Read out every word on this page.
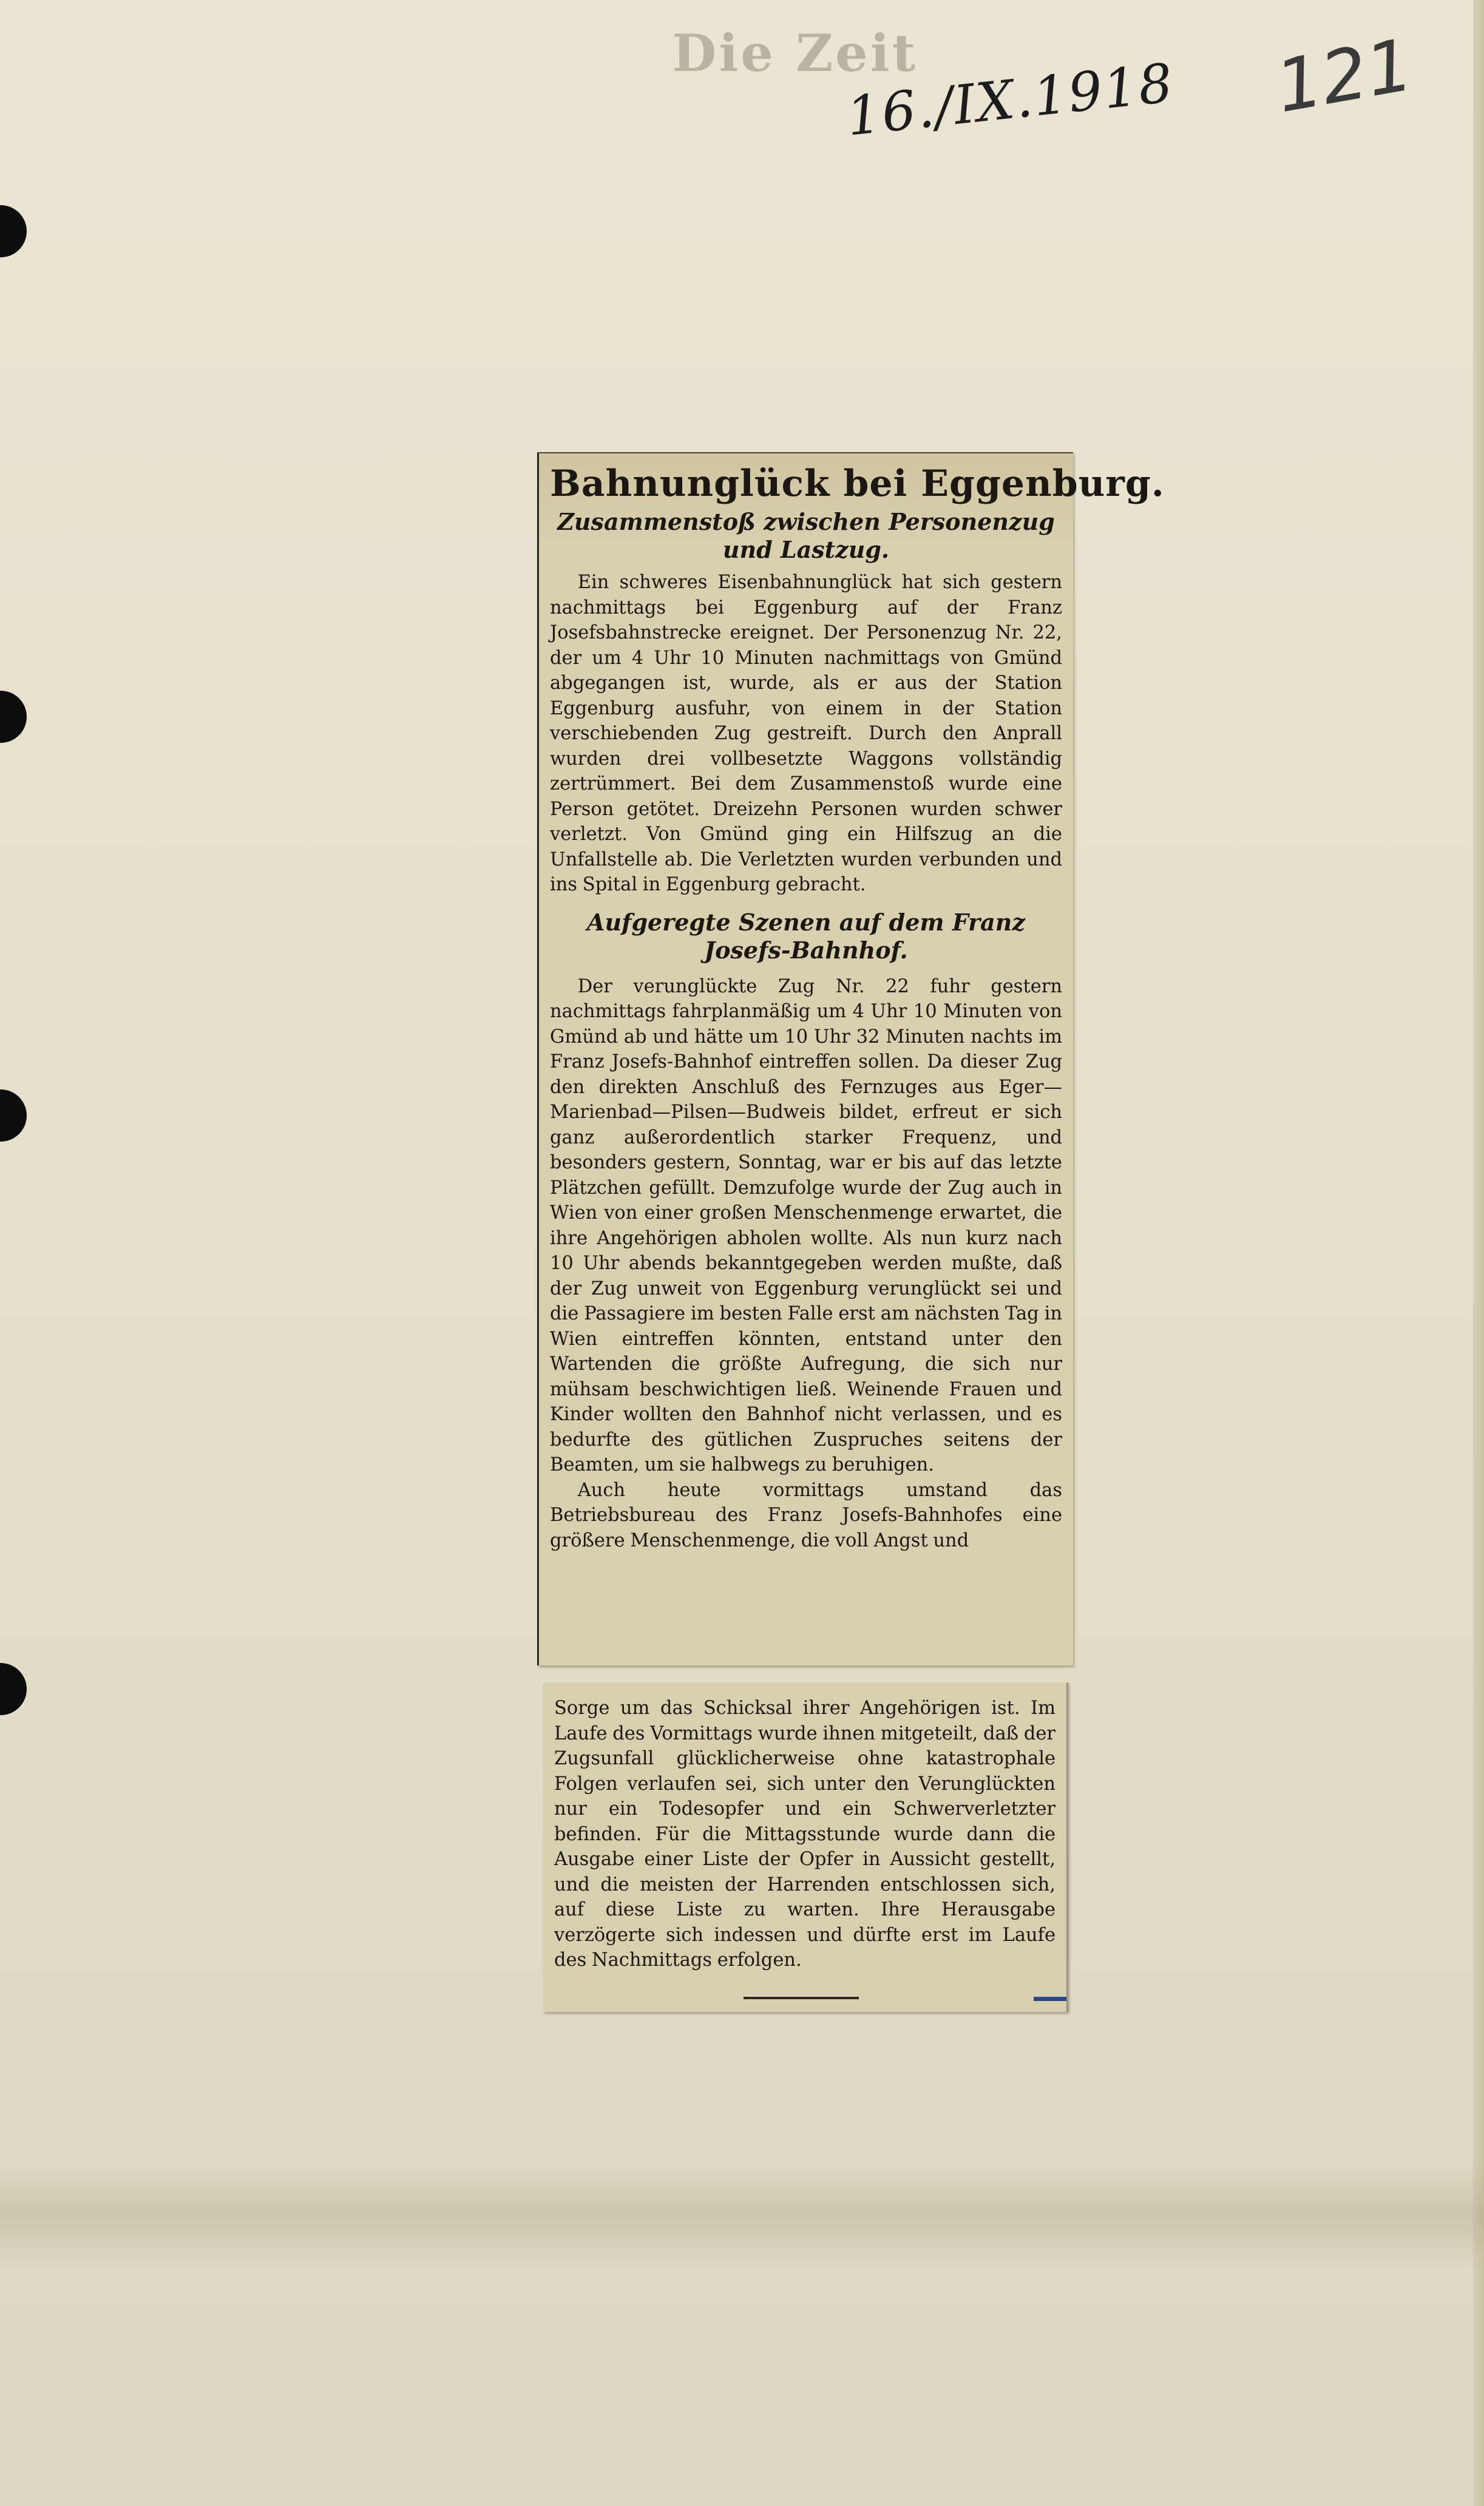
Die Zeit
16./IX.1918 121
Bahnunglück bei Eggenburg.
Zusammenstoß zwischen Personenzug und Lastzug.

Ein schweres Eisenbahnunglück hat sich gestern nachmittags bei Eggenburg auf der Franz Josefsbahnstrecke ereignet. Der Personenzug Nr. 22, der um 4 Uhr 10 Minuten nachmittags von Gmünd abgegangen ist, wurde, als er aus der Station Eggenburg ausfuhr, von einem in der Station verschiebenden Zug gestreift. Durch den Anprall wurden drei vollbesetzte Waggons vollständig zertrümmert. Bei dem Zusammenstoß wurde eine Person getötet. Dreizehn Personen wurden schwer verletzt. Von Gmünd ging ein Hilfszug an die Unfallstelle ab. Die Verletzten wurden verbunden und ins Spital in Eggenburg gebracht.

Aufgeregte Szenen auf dem Franz Josefs-Bahnhof.

Der verunglückte Zug Nr. 22 fuhr gestern nachmittags fahrplanmäßig um 4 Uhr 10 Minuten von Gmünd ab und hätte um 10 Uhr 32 Minuten nachts im Franz Josefs-Bahnhof eintreffen sollen. Da dieser Zug den direkten Anschluß des Fernzuges aus Eger—Marienbad—Pilsen—Budweis bildet, erfreut er sich ganz außerordentlich starker Frequenz, und besonders gestern, Sonntag, war er bis auf das letzte Plätzchen gefüllt. Demzufolge wurde der Zug auch in Wien von einer großen Menschenmenge erwartet, die ihre Angehörigen abholen wollte. Als nun kurz nach 10 Uhr abends bekanntgegeben werden mußte, daß der Zug unweit von Eggenburg verunglückt sei und die Passagiere im besten Falle erst am nächsten Tag in Wien eintreffen könnten, entstand unter den Wartenden die größte Aufregung, die sich nur mühsam beschwichtigen ließ. Weinende Frauen und Kinder wollten den Bahnhof nicht verlassen, und es bedurfte des gütlichen Zuspruches seitens der Beamten, um sie halbwegs zu beruhigen.

Auch heute vormittags umstand das Betriebsbureau des Franz Josefs-Bahnhofes eine größere Menschenmenge, die voll Angst und

Sorge um das Schicksal ihrer Angehörigen ist. Im Laufe des Vormittags wurde ihnen mitgeteilt, daß der Zugsunfall glücklicherweise ohne katastrophale Folgen verlaufen sei, sich unter den Verunglückten nur ein Todesopfer und ein Schwerverletzter befinden. Für die Mittagsstunde wurde dann die Ausgabe einer Liste der Opfer in Aussicht gestellt, und die meisten der Harrenden entschlossen sich, auf diese Liste zu warten. Ihre Herausgabe verzögerte sich indessen und dürfte erst im Laufe des Nachmittags erfolgen.
